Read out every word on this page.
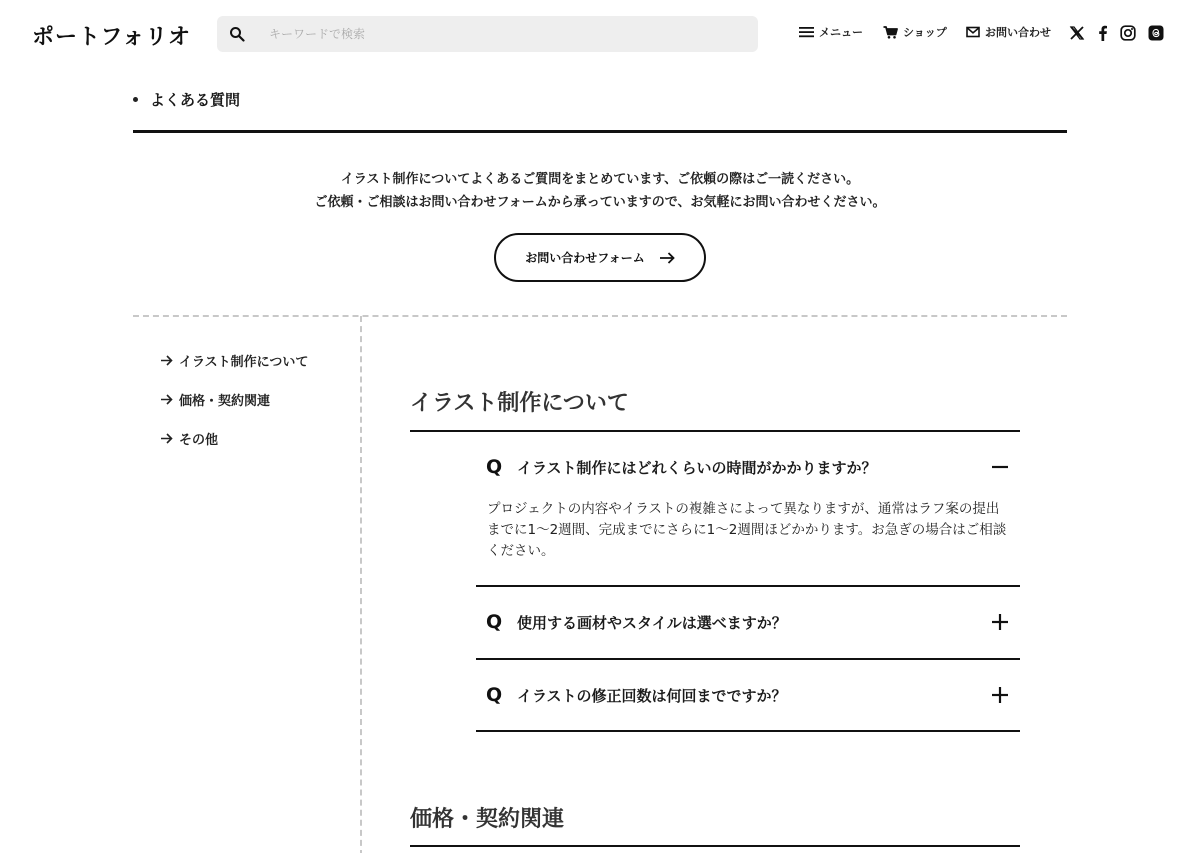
ポートフォリオ
キーワードで検索	メニュー	ショップ	お問い合わせ
よくある質問
イラスト制作についてよくあるご質問をまとめています、ご依頼の際はご一読ください。
ご依頼・ご相談はお問い合わせフォームから承っていますので、お気軽にお問い合わせください。
お問い合わせフォーム
イラスト制作について
価格・契約関連
その他
イラスト制作について
Q イラスト制作にはどれくらいの時間がかかりますか？
プロジェクトの内容やイラストの複雑さによって異なりますが、通常はラフ案の提出までに1〜2週間、完成までにさらに1〜2週間ほどかかります。お急ぎの場合はご相談ください。
Q 使用する画材やスタイルは選べますか？
Q イラストの修正回数は何回までですか？
価格・契約関連
